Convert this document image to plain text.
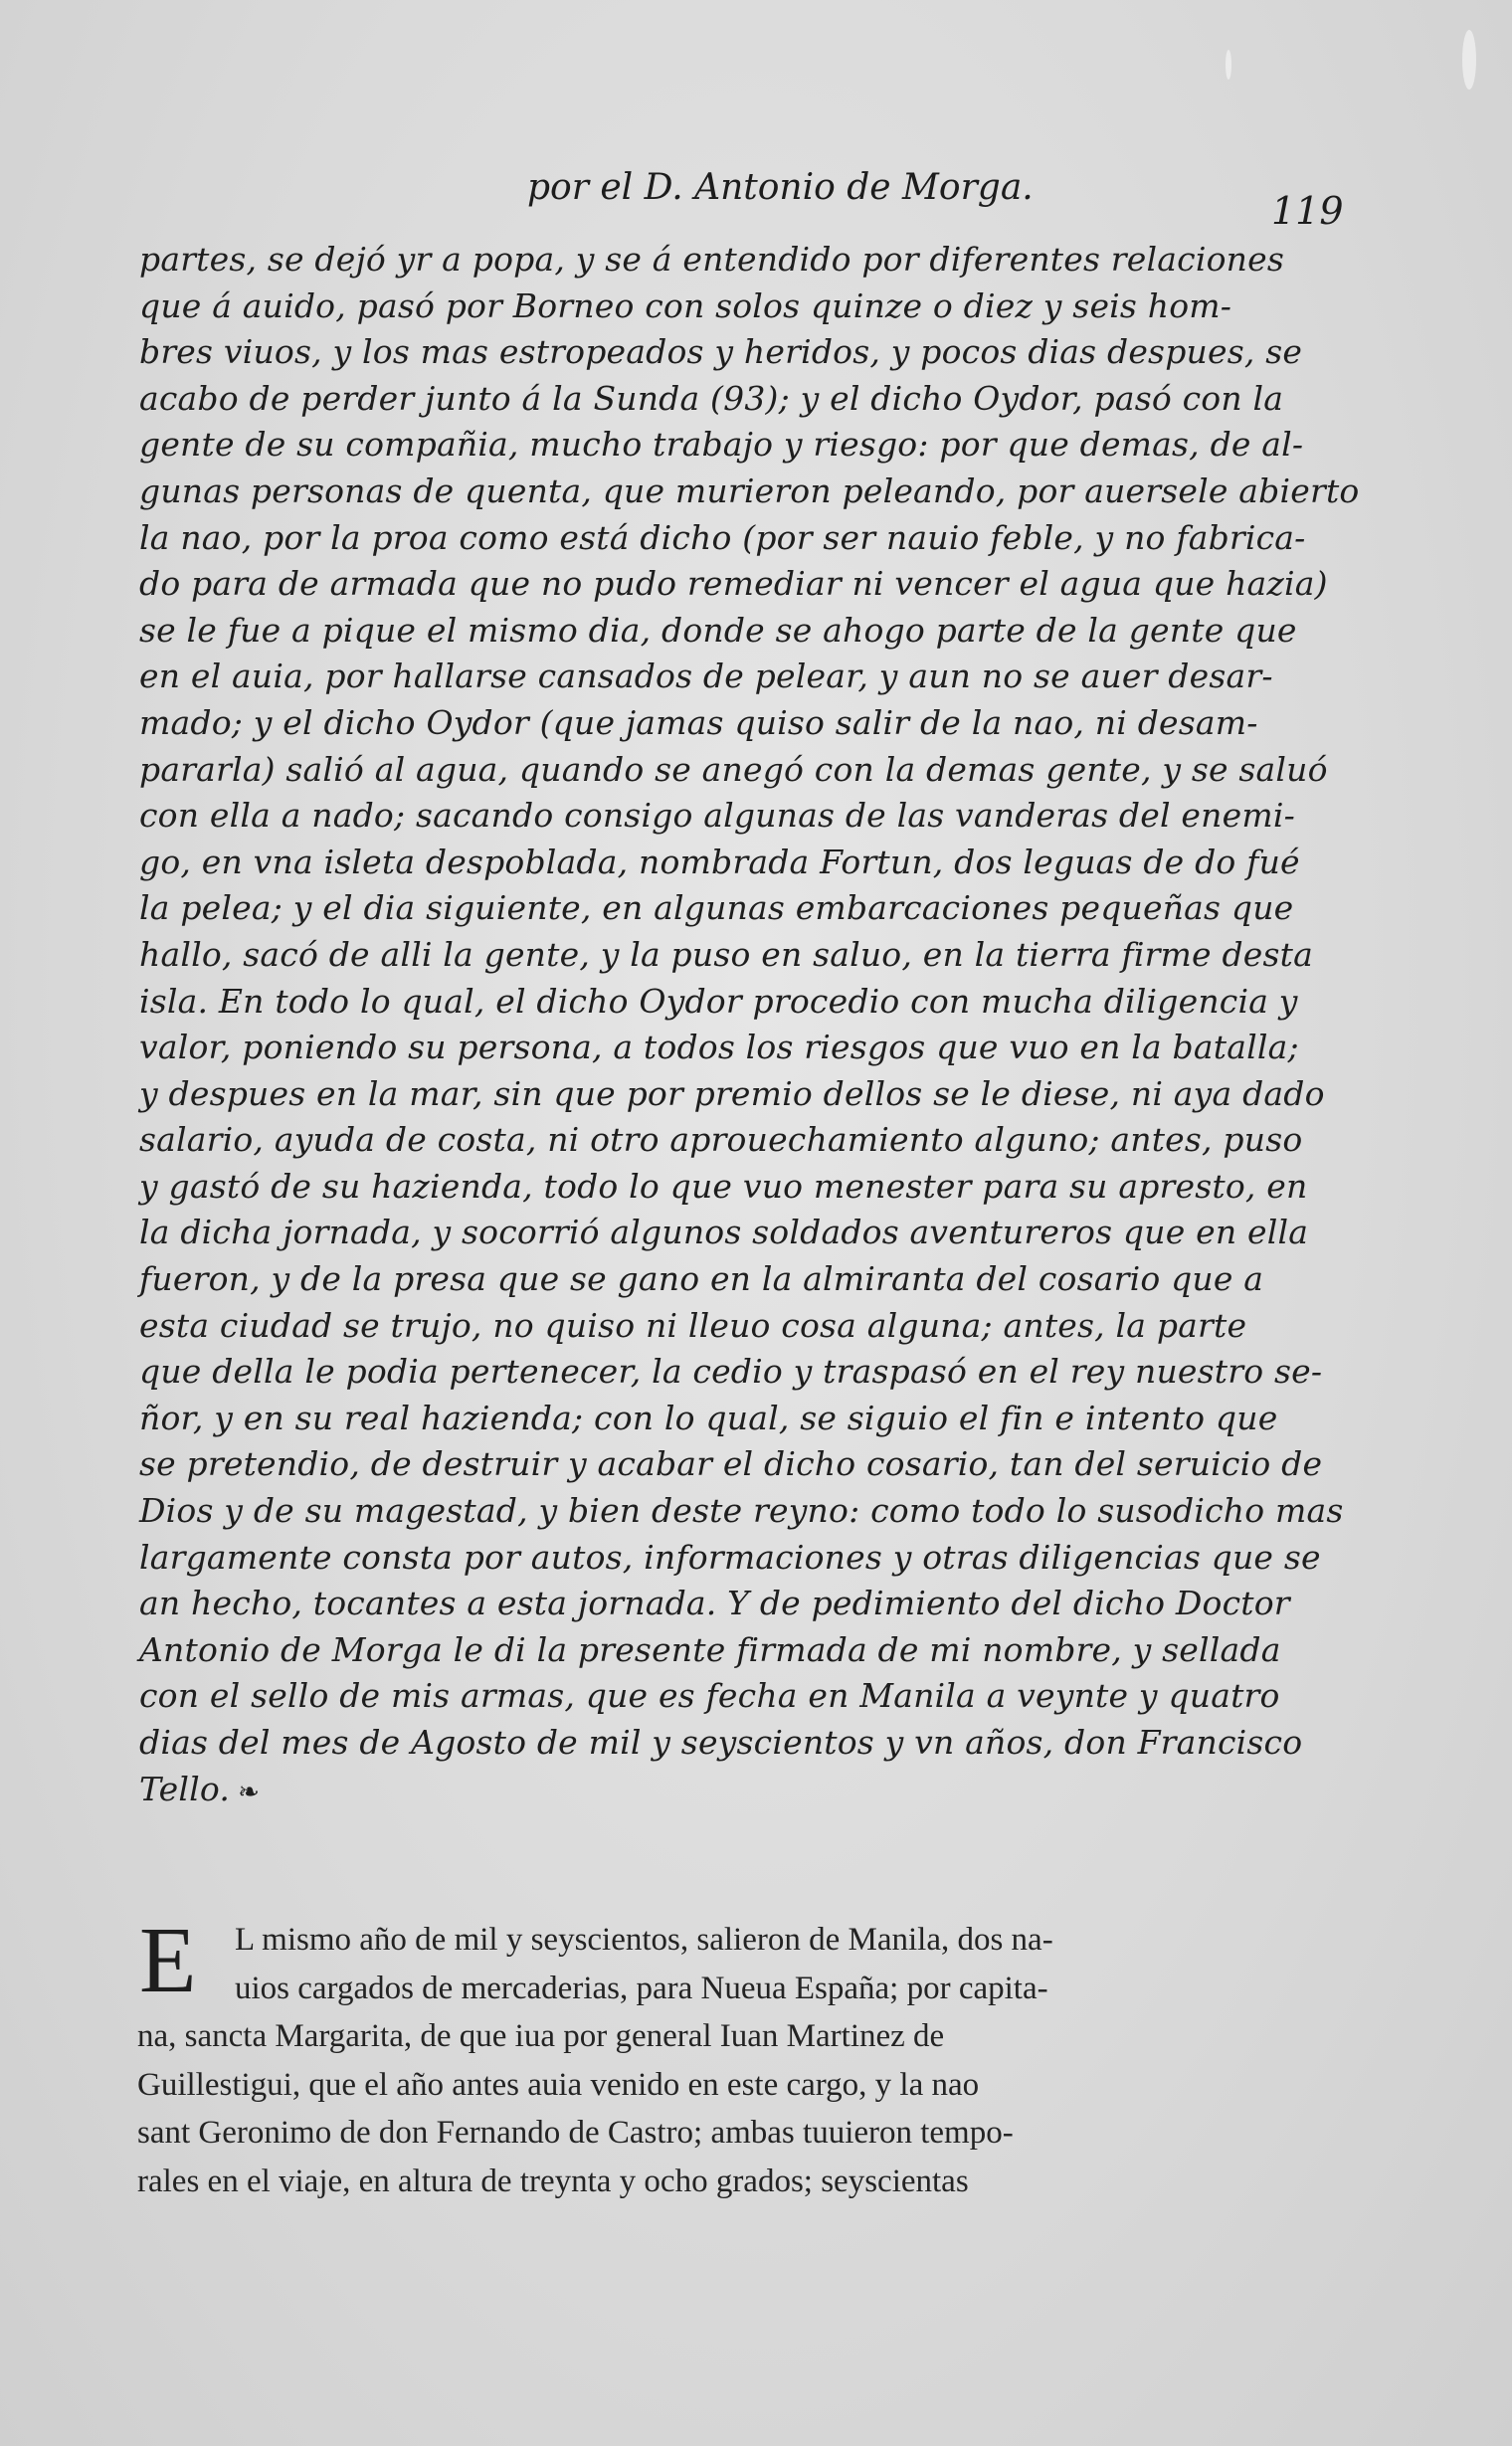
por el D. Antonio de Morga.
119
partes, se dejó yr a popa, y se á entendido por diferentes relaciones
que á auido, pasó por Borneo con solos quinze o diez y seis hom-
bres viuos, y los mas estropeados y heridos, y pocos dias despues, se
acabo de perder junto á la Sunda (93); y el dicho Oydor, pasó con la
gente de su compañia, mucho trabajo y riesgo: por que demas, de al-
gunas personas de quenta, que murieron peleando, por auersele abierto
la nao, por la proa como está dicho (por ser nauio feble, y no fabrica-
do para de armada que no pudo remediar ni vencer el agua que hazia)
se le fue a pique el mismo dia, donde se ahogo parte de la gente que
en el auia, por hallarse cansados de pelear, y aun no se auer desar-
mado; y el dicho Oydor (que jamas quiso salir de la nao, ni desam-
pararla) salió al agua, quando se anegó con la demas gente, y se saluó
con ella a nado; sacando consigo algunas de las vanderas del enemi-
go, en vna isleta despoblada, nombrada Fortun, dos leguas de do fué
la pelea; y el dia siguiente, en algunas embarcaciones pequeñas que
hallo, sacó de alli la gente, y la puso en saluo, en la tierra firme desta
isla. En todo lo qual, el dicho Oydor procedio con mucha diligencia y
valor, poniendo su persona, a todos los riesgos que vuo en la batalla;
y despues en la mar, sin que por premio dellos se le diese, ni aya dado
salario, ayuda de costa, ni otro aprouechamiento alguno; antes, puso
y gastó de su hazienda, todo lo que vuo menester para su apresto, en
la dicha jornada, y socorrió algunos soldados aventureros que en ella
fueron, y de la presa que se gano en la almiranta del cosario que a
esta ciudad se trujo, no quiso ni lleuo cosa alguna; antes, la parte
que della le podia pertenecer, la cedio y traspasó en el rey nuestro se-
ñor, y en su real hazienda; con lo qual, se siguio el fin e intento que
se pretendio, de destruir y acabar el dicho cosario, tan del seruicio de
Dios y de su magestad, y bien deste reyno: como todo lo susodicho mas
largamente consta por autos, informaciones y otras diligencias que se
an hecho, tocantes a esta jornada. Y de pedimiento del dicho Doctor
Antonio de Morga le di la presente firmada de mi nombre, y sellada
con el sello de mis armas, que es fecha en Manila a veynte y quatro
dias del mes de Agosto de mil y seyscientos y vn años, don Francisco
Tello. ❧
E	L mismo año de mil y seyscientos, salieron de Manila, dos na-
uios cargados de mercaderias, para Nueua España; por capita-
na, sancta Margarita, de que iua por general Iuan Martinez de
Guillestigui, que el año antes auia venido en este cargo, y la nao
sant Geronimo de don Fernando de Castro; ambas tuuieron tempo-
rales en el viaje, en altura de treynta y ocho grados; seyscientas
